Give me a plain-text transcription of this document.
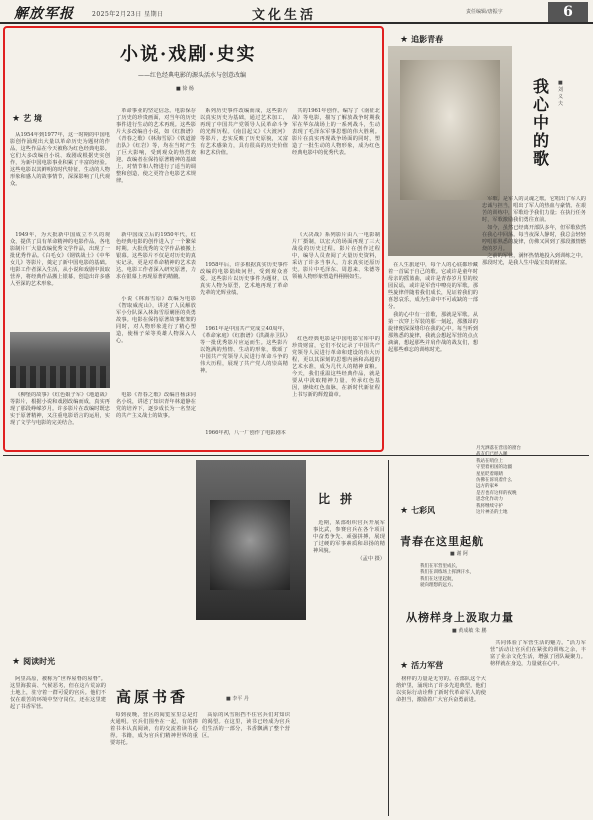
解放军报	2025年2月23日 星期日	文化生活	责任编辑/唐振宇	6
小说·戏剧·史实
——红色经典电影的源头活水与创意改编
■ 徐 杨
★ 艺 境

从1954年到1977年，这一时期的中国电影创作涌现出大量以革命历史为题材的作品，这些作品在今天被称为红色经典电影。它们大多改编自小说、戏剧或根据史实创作，为新中国电影事业积累了丰富的经验。这些电影以其鲜明的时代特征、生动的人物形象和感人的故事情节，深深影响了几代观众。

1949年，为大批新中国成立不久的观众，提供了具有革命精神的电影作品，各电影制片厂大量改编优秀文学作品，出现了一批优秀作品。《白毛女》《钢铁战士》《中华女儿》等影片，奠定了新中国电影的基础。电影工作者深入生活，从小说和戏剧中汲取营养，将经典作品搬上银幕，创造出许多感人至深的艺术形象。

《柳堡的故事》《红色娘子军》《地道战》等影片，根据小说和戏剧改编而成，真实再现了那段峥嵘岁月。许多影片在改编时既忠实于原著精神，又注重电影语言的运用，实现了文学与电影的完美结合。

革命事业的坚定信念。电影保存了历史的珍贵画面，对当年的历史事件进行生动的艺术再现。这些影片大多改编自小说，如《红旗谱》《青春之歌》《林海雪原》《铁道游击队》《红岩》等，均在当时产生了巨大影响，受到观众的热烈欢迎。改编者在保持原著精神的基础上，对情节和人物进行了适当的调整和创造，使之更符合电影艺术规律。

新中国成立后的1950年代，红色经典电影的创作进入了一个繁荣时期。大批优秀的文学作品被搬上银幕。这些影片不仅是对历史的真实记录，更是对革命精神的艺术表达。电影工作者深入研究原著，力求在银幕上再现原著的精髓。

小说《林海雪原》改编为电影《智取威虎山》，讲述了人民解放军小分队深入林海雪原剿匪的英勇故事。电影在保持原著故事框架的同时，对人物形象进行了精心塑造，使杨子荣等英雄人物深入人心。

电影《青春之歌》改编自杨沫同名小说，讲述了知识青年林道静在党的培养下，逐步成长为一名坚定的共产主义战士的故事。

系列历史事件改编而成，这些影片以真实历史为基础，通过艺术加工，再现了中国共产党领导人民革命斗争的光辉历程。《南昌起义》《大渡河》等影片，忠实反映了历史原貌，又富有艺术感染力，具有很高的历史价值和艺术价值。

1958年后，许多根据真实历史事件改编的电影陆续问世，受到观众喜爱。这些影片以历史事件为题材，以真实人物为原型，艺术地再现了革命先辈的光辉业绩。

1961年是中国共产党成立40周年，《革命家庭》《红旗谱》《洪湖赤卫队》等一批优秀影片应运而生。这些影片以饱满的热情、生动的形象，歌颂了中国共产党领导人民进行革命斗争的伟大历程，展现了共产党人的崇高精神。

1966年初，八一厂创作了电影剧本

共的1961年创作。编写了《南征北战》等电影，描写了解放战争时期我军在华东战场上的一系列战斗，生动表现了毛泽东军事思想的伟大胜利。影片在真实再现战争场面的同时，塑造了一批生动的人物形象，成为红色经典电影中的优秀代表。

《大决战》系列影片由八一电影制片厂摄制，以宏大的场面再现了三大战役的历史过程。影片在创作过程中，编导人员查阅了大量历史资料，采访了许多当事人，力求真实还原历史。影片中毛泽东、周恩来、朱德等领袖人物形象塑造得栩栩如生。

红色经典电影是中国电影宝库中的珍贵财富，它们不仅记录了中国共产党领导人民进行革命和建设的伟大历程，更以其深刻的思想内涵和高超的艺术水准，成为几代人的精神食粮。今天，我们重温这些经典作品，就是要从中汲取精神力量，传承红色基因，赓续红色血脉，在新时代新征程上书写新的辉煌篇章。

★ 追影青春
我心中的歌
■ 刘义夫

在人生旅途中，每个人的心底都珍藏着一首属于自己的歌。它或许是童年时母亲的摇篮曲，或许是青春岁月里的校园民谣，或许是军营中嘹亮的军歌。那些旋律伴随着我们成长，见证着我们的喜怒哀乐，成为生命中不可或缺的一部分。

我的心中有一首歌，那就是军歌。从第一次穿上军装的那一刻起，那激昂的旋律便深深烙印在我的心中。每当听到那熟悉的旋律，我就会想起军营的点点滴滴，想起那些并肩作战的战友们，想起那些难忘的训练时光。

军歌，是军人的灵魂之歌。它唱出了军人的忠诚与担当，唱出了军人的热血与豪情。在艰苦的训练中，军歌给予我们力量；在执行任务时，军歌激励我们勇往直前。

如今，虽然已经离开部队多年，但军歌依然在我心中回荡。每当夜深人静时，我总会轻轻哼唱那熟悉的旋律，仿佛又回到了那段激情燃烧的岁月。

之前的军营，满怀热情地投入到训练之中。那段时光，是我人生中最宝贵的财富。

★ 七彩风
比 拼

近期，某部组织官兵开展军事比武，参赛官兵在各个项目中奋勇争先、顽强拼搏，展现了过硬的军事素质和昂扬的精神风貌。

（孟中 摄）

月光洒落在营房的窗台
战友们已经入睡
我站在哨位上
守望着祖国的边疆
星星眨着眼睛
仿佛在诉说着什么
远方的家乡
是否也有这样的夜晚
思念化作动力
我将继续守护
这片神圣的土地
青春在这里起航
■ 谢 阿
我们在军营里成长，
我们在训练场上挥洒汗水，
我们在这里起航，
驶向理想的远方。
从榜样身上汲取力量
■ 黄成敏 朱 鹏
★ 活力军营

榜样的力量是无穷的。在部队这个大熔炉里，涌现出了许多先进典型。他们以实际行动诠释了新时代革命军人的使命担当，激励着广大官兵奋勇前进。

共同体验了军营生活的魅力。“活力军营”活动让官兵们在紧张的训练之余，丰富了业余文化生活，增强了团队凝聚力。榜样就在身边，力量就在心中。

★ 阅读时光
高原书香	■ 李平 丹

阿里高原，被称为“世界屋脊的屋脊”。这里海拔高、气候恶劣，但在这片荒凉的土地上，驻守着一群可爱的官兵。他们不仅在艰苦的环境中坚守岗位，还在这里建起了书香军营。

每到夜晚，营区的阅览室里总是灯火通明。官兵们围坐在一起，有的捧着书本认真阅读，有的交流着读书心得。书籍，成为官兵们精神世界的重要寄托。

高原的风雪阻挡不住官兵们对知识的渴望。在这里，读书已经成为官兵们生活的一部分，书香飘满了整个营区。
